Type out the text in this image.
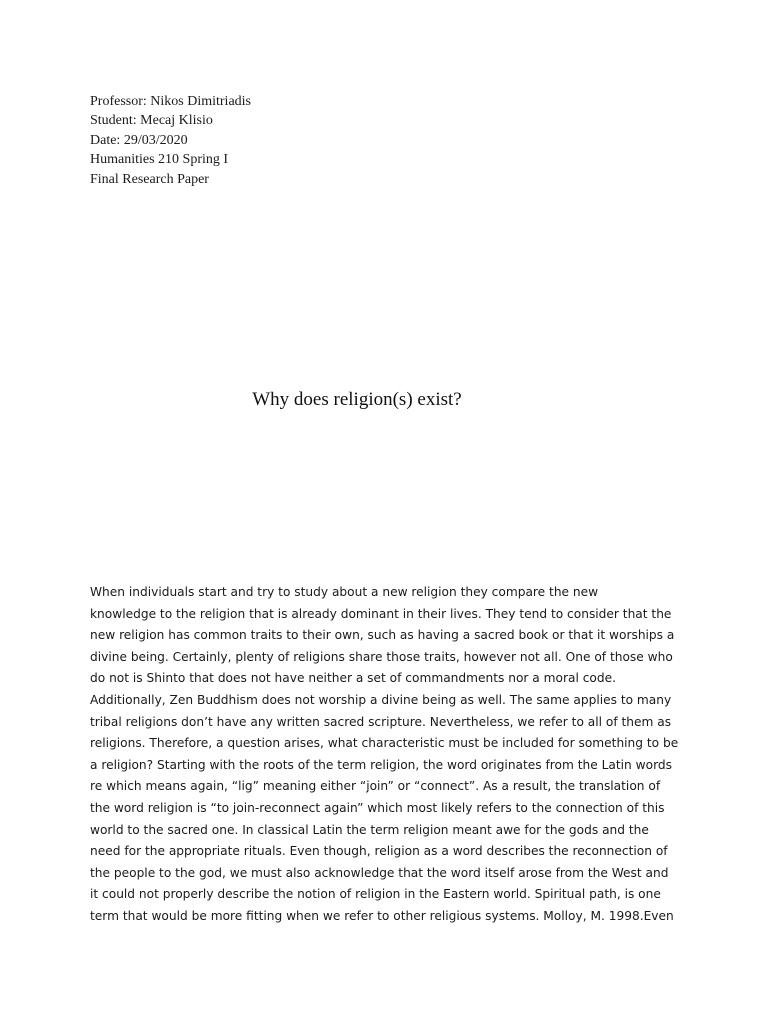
Professor: Nikos Dimitriadis
Student: Mecaj Klisio
Date: 29/03/2020
Humanities 210 Spring I
Final Research Paper
Why does religion(s) exist?
When individuals start and try to study about a new religion they compare the new
knowledge to the religion that is already dominant in their lives. They tend to consider that the
new religion has common traits to their own, such as having a sacred book or that it worships a
divine being. Certainly, plenty of religions share those traits, however not all. One of those who
do not is Shinto that does not have neither a set of commandments nor a moral code.
Additionally, Zen Buddhism does not worship a divine being as well. The same applies to many
tribal religions don’t have any written sacred scripture. Nevertheless, we refer to all of them as
religions. Therefore, a question arises, what characteristic must be included for something to be
a religion? Starting with the roots of the term religion, the word originates from the Latin words
re which means again, “lig” meaning either “join” or “connect”. As a result, the translation of
the word religion is “to join-reconnect again” which most likely refers to the connection of this
world to the sacred one. In classical Latin the term religion meant awe for the gods and the
need for the appropriate rituals. Even though, religion as a word describes the reconnection of
the people to the god, we must also acknowledge that the word itself arose from the West and
it could not properly describe the notion of religion in the Eastern world. Spiritual path, is one
term that would be more fitting when we refer to other religious systems. Molloy, M. 1998.Even
